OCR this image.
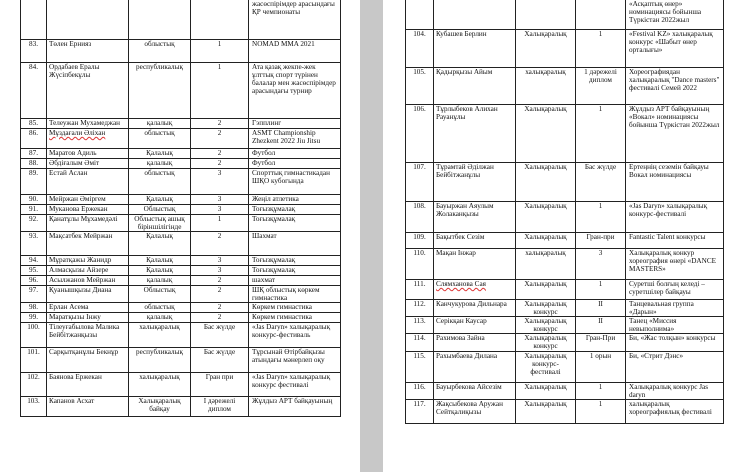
				жасөспірімдер арасындағы ҚР чемпионаты
83.	Төлен Ернияз	облыстық	1	NOMAD MMA 2021
84.	Ордабаев Ералы Жүсіпбекұлы	республикалық	1	Ата қазақ жекпе-жек ұлттық спорт түрінен балалар мен жасөспірімдер арасындағы турнир
85.	Телеужан Мухамеджан	қалалық	2	Гэпплинг
86.	Мұздағали Әліхан	облыстық	2	ASMT Championship Zhezkent 2022 Jiu Jitsu
87.	Маратов Адиль	Қалалық	2	Футбол
88.	Әбдіғалым Әміт	қалалық	2	Футбол
89.	Естай Аслан	облыстық	3	Спорттық гимнастикадан ШҚО кубогында
90.	Мейржан Әміргем	Қалалық	3	Жеңіл атлетика
91.	Муканова Ержекан	Облыстық	3	Тоғызқұмалақ
92.	Қанатұлы Мұхамедәлі	Облыстық ашық біріншілігінде	1	Тоғызқұмалақ
93.	Мақсатбек Мейржан	Қалалық	2	Шахмат
94.	Мұратқажы Жанидр	Қалалық	3	Тоғызқұмалақ
95.	Алмасқызы Айзере	Қалалық	3	Тоғызқұмалақ
96.	Асылжанов Мейржан	қалалық	2	шахмат
97.	Қуанышқызы Диана	Облыстық	2	ШҚ облыстық көркем гимнастика
98.	Ерлан Асема	облыстық	2	Көркем гимнастика
99.	Маратқызы Інжу	қалалық	2	Көркем гимнастика
100.	Тілеуғабылова Малика Бейбітжанқызы	халықаралық	Бас жүлде	«Jas Daryn» халықаралық конкурс-фестиваль
101.	Сарқытқанұлы Бекнұр	республикалық	Бас жүлде	Тұрсынай Өтірбайқызы атындағы мәнерлеп оқу
102.	Баянова Ержекан	халықаралық	Гран при	«Jas Daryn» халықаралық конкурс фестивалі
103.	Капанов Асхат	Халықаралық байқау	I дәрежелі диплом	Жұлдыз АРТ байқауының
				«Асқаптық өнер» номинациясы бойынша Түркістан 2022жыл
104.	Кубашев Берлин	Халықаралық	1	«Festival KZ» халықаралық конкурс «Шабыт өнер орталығы»
105.	Қадырқызы Айым	халықаралық	1 дәрежелі диплом	Хореографиядан халықаралық "Dance masters" фестивалі Семей 2022
106.	Тұрлыбеков Алихан Рауанұлы	Халықаралық	1	Жұлдыз АРТ байқауының «Вокал» номинациясы бойынша Түркістан 2022жыл
107.	Тұрамтай Әділжан Бейбітжанұлы	Халықаралық	Бас жүлде	Ертеңнің сеземін байқауы Вокал номинациясы
108.	Бауыржан Аяулым Жолаканқызы	Халықаралық	1	«Jas Daryn» халықаралық конкурс-фестивалі
109.	Бақытбек Сезім	Халықаралық	Гран-при	Fantastic Talent конкурсы
110.	Мақан Інжар	халықаралық	3	Халықаралық конкур хореография өнері «DANCE MASTERS»
111.	Слямханова Сая	Халықаралық	1	Суретші болғың келеді –суретшілер байқауы
112.	Канчукурова Дильнара	Халықаралық конкурс	II	Танцевальная группа «Дарын»
113.	Серікқан Каусар	Халықаралық конкурс	II	Танец «Миссия невыполнима»
114.	Рахимова Зайна	Халықаралық конкурс	Гран-При	Би, «Жас толқын» конкурсы
115.	Рахымбаева Дилана	Халықаралық конкурс-фестивалі	1 орын	Би, «Стрит Дэнс»
116.	Бауырбекова Айсезім	Халықаралық	1	Халықаралық конкурс Jas daryn
117.	Жақсыбекова Аружан Сейтқалиқызы	Халықаралық	1	халықаралық хореографиялық фестивалі
